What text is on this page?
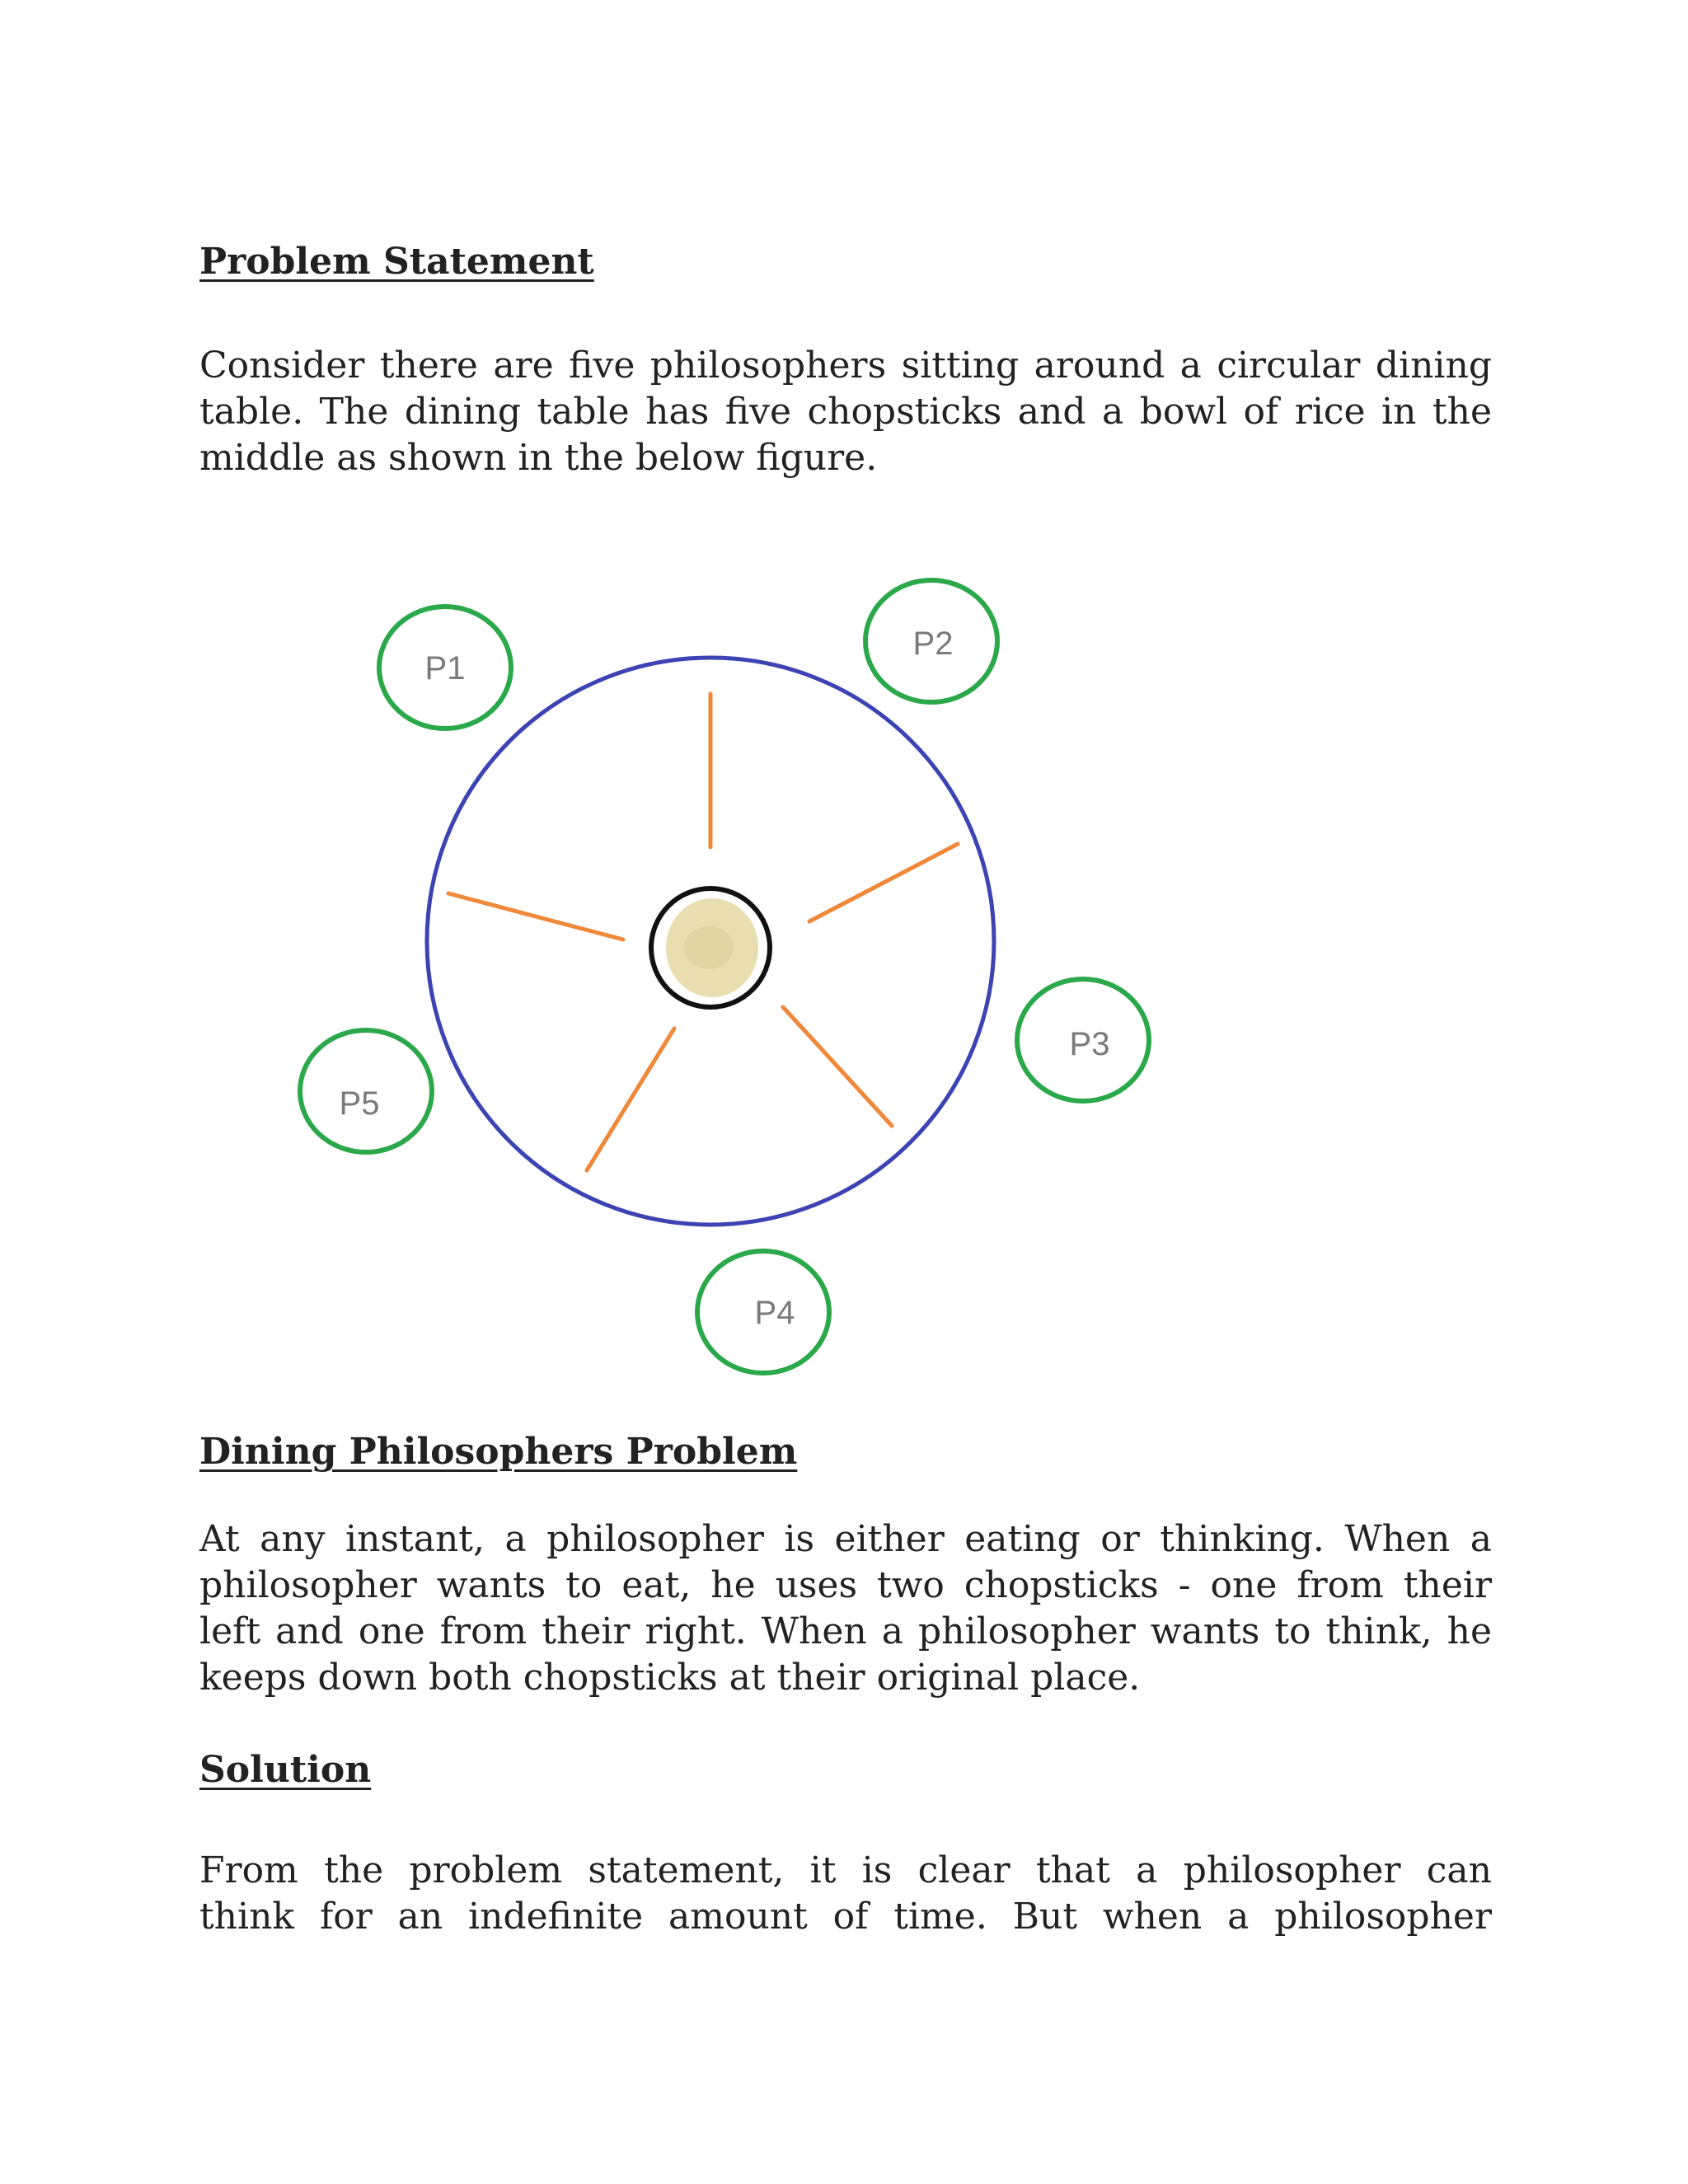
Problem Statement

Consider there are five philosophers sitting around a circular dining
table. The dining table has five chopsticks and a bowl of rice in the
middle as shown in the below figure.

P1
P2
P3
P4
P5
Dining Philosophers Problem

At any instant, a philosopher is either eating or thinking. When a
philosopher wants to eat, he uses two chopsticks - one from their
left and one from their right. When a philosopher wants to think, he
keeps down both chopsticks at their original place.

Solution

From the problem statement, it is clear that a philosopher can
think for an indefinite amount of time. But when a philosopher
